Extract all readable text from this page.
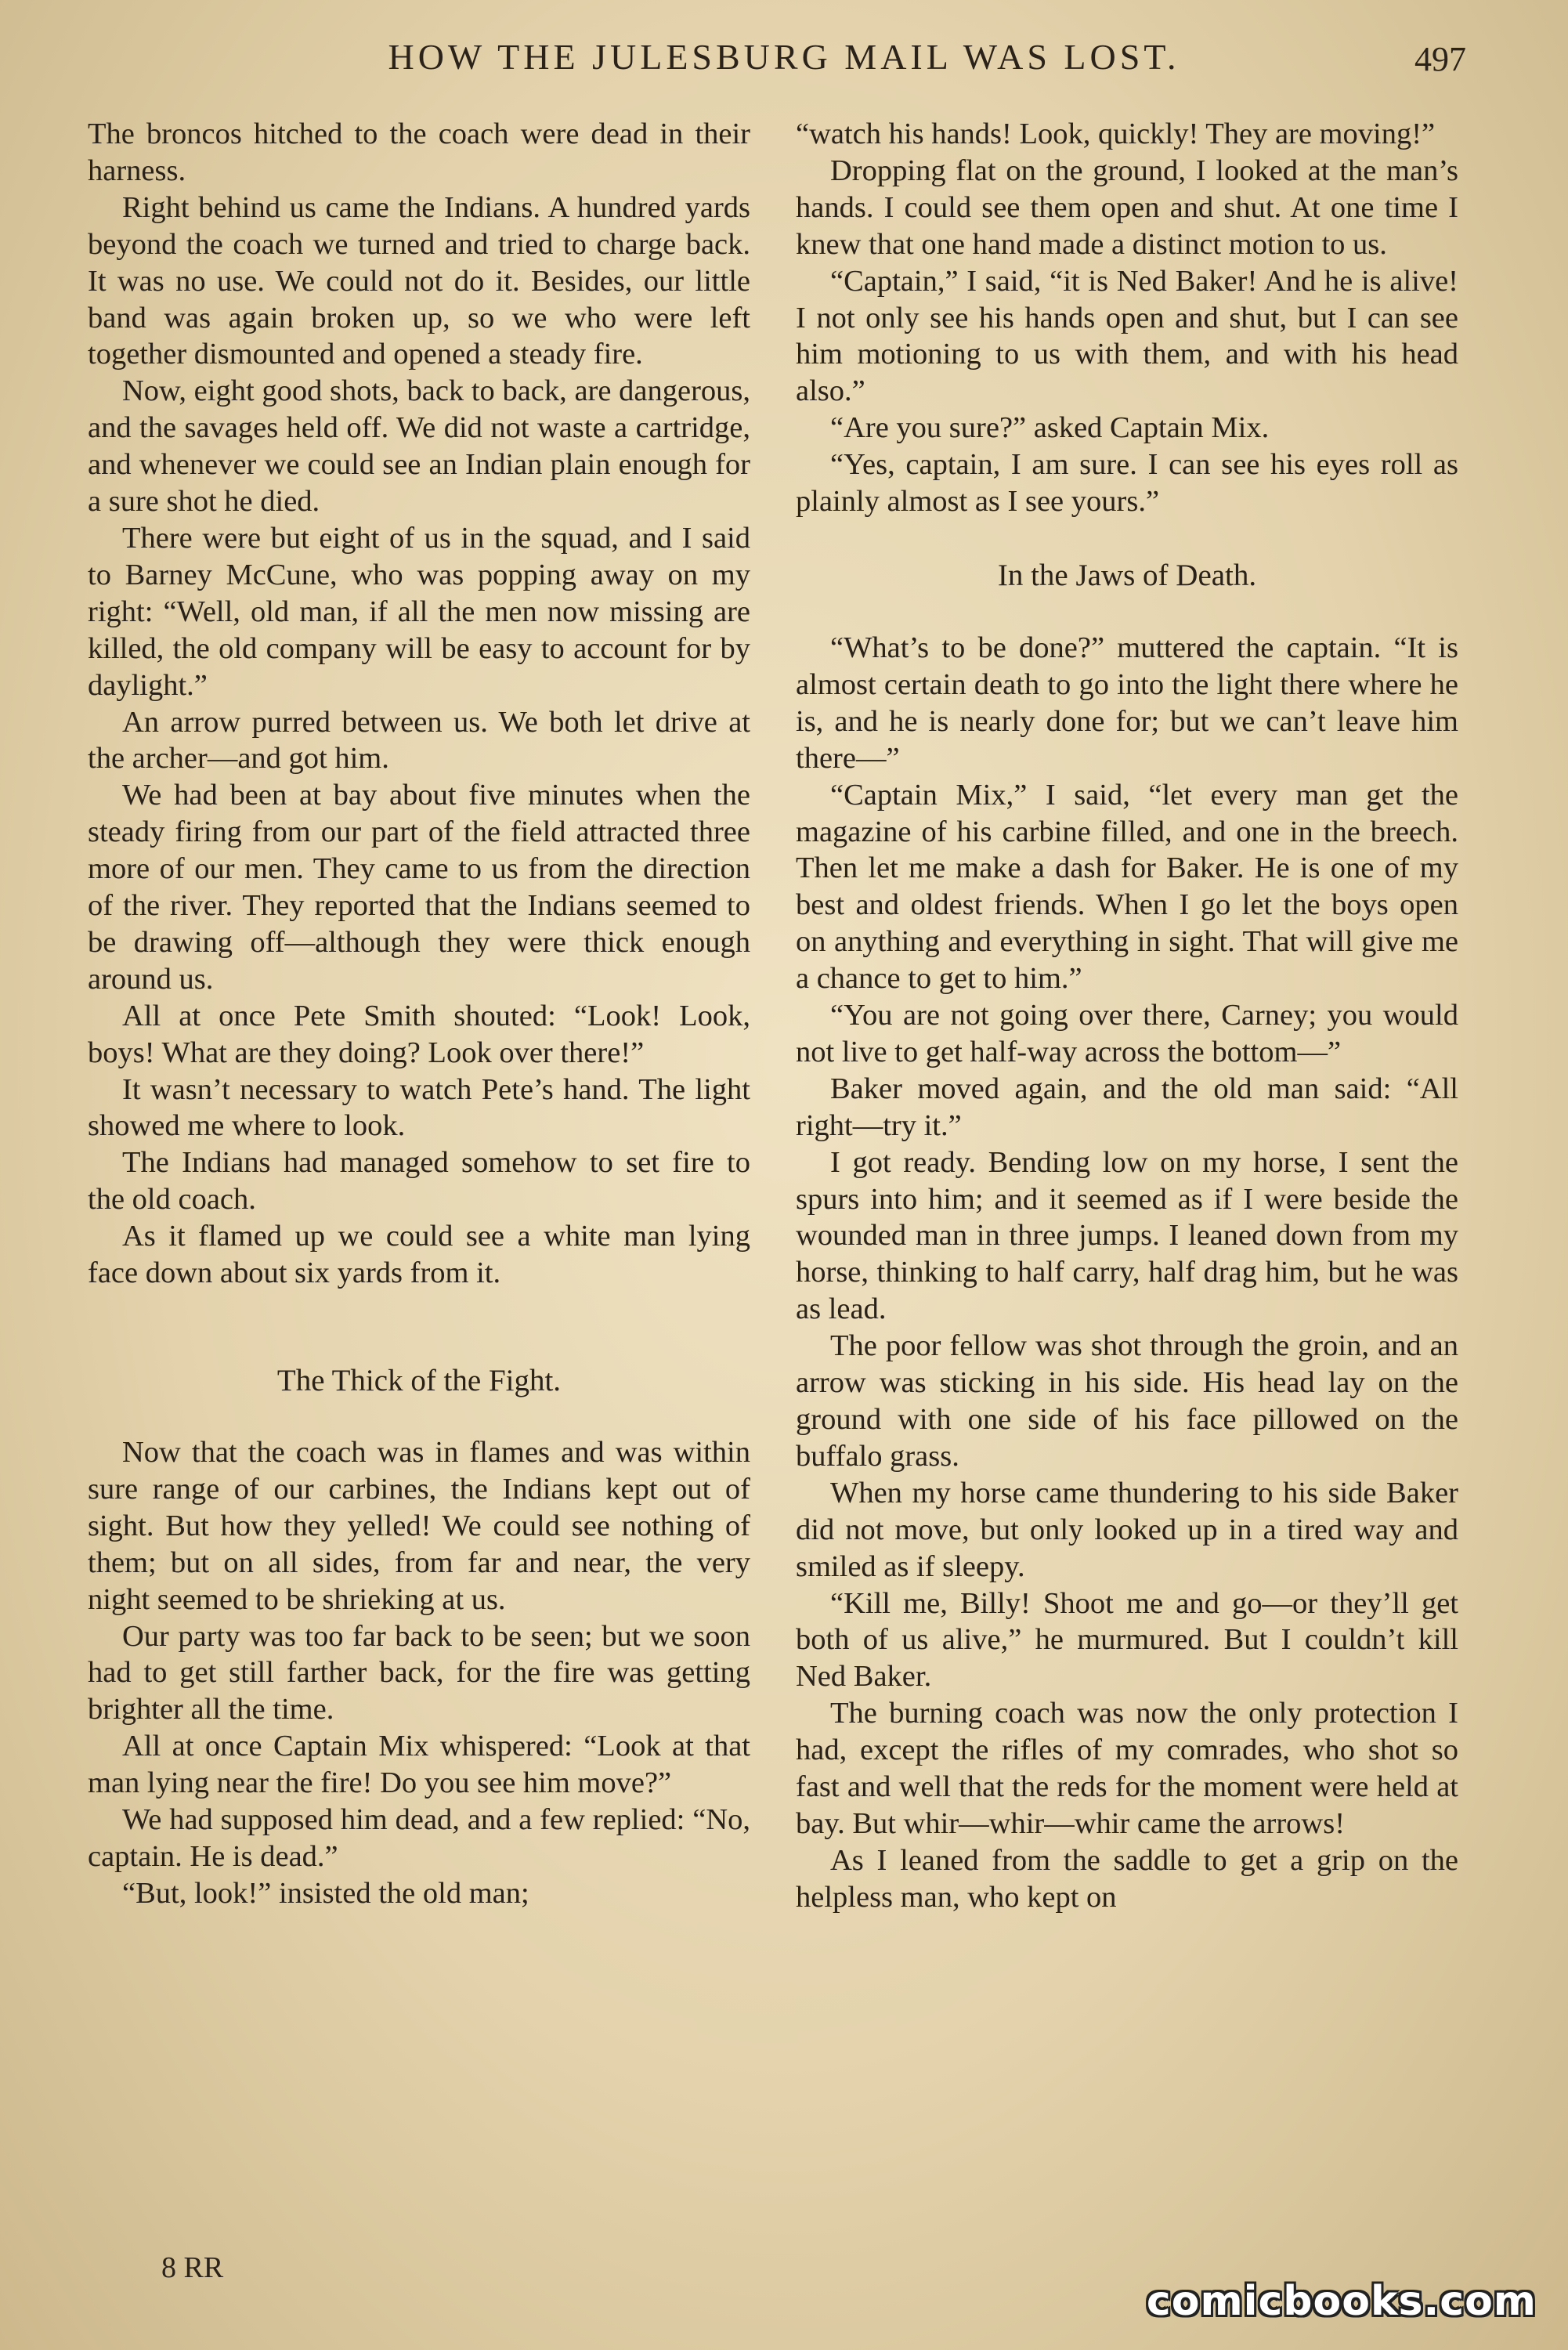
HOW THE JULESBURG MAIL WAS LOST.	497

The broncos hitched to the coach were dead in their harness.

Right behind us came the Indians. A hundred yards beyond the coach we turned and tried to charge back. It was no use. We could not do it. Besides, our little band was again broken up, so we who were left together dismounted and opened a steady fire.

Now, eight good shots, back to back, are dangerous, and the savages held off. We did not waste a cartridge, and whenever we could see an Indian plain enough for a sure shot he died.

There were but eight of us in the squad, and I said to Barney McCune, who was popping away on my right: “Well, old man, if all the men now missing are killed, the old company will be easy to account for by daylight.”

An arrow purred between us. We both let drive at the archer—and got him.

We had been at bay about five minutes when the steady firing from our part of the field attracted three more of our men. They came to us from the direction of the river. They reported that the Indians seemed to be drawing off—although they were thick enough around us.

All at once Pete Smith shouted: “Look! Look, boys! What are they doing? Look over there!”

It wasn’t necessary to watch Pete’s hand. The light showed me where to look.

The Indians had managed somehow to set fire to the old coach.

As it flamed up we could see a white man lying face down about six yards from it.

The Thick of the Fight.

Now that the coach was in flames and was within sure range of our carbines, the Indians kept out of sight. But how they yelled! We could see nothing of them; but on all sides, from far and near, the very night seemed to be shrieking at us.

Our party was too far back to be seen; but we soon had to get still farther back, for the fire was getting brighter all the time.

All at once Captain Mix whispered: “Look at that man lying near the fire! Do you see him move?”

We had supposed him dead, and a few replied: “No, captain. He is dead.”

“But, look!” insisted the old man;

“watch his hands! Look, quickly! They are moving!”

Dropping flat on the ground, I looked at the man’s hands. I could see them open and shut. At one time I knew that one hand made a distinct motion to us.

“Captain,” I said, “it is Ned Baker! And he is alive! I not only see his hands open and shut, but I can see him motioning to us with them, and with his head also.”

“Are you sure?” asked Captain Mix.

“Yes, captain, I am sure. I can see his eyes roll as plainly almost as I see yours.”

In the Jaws of Death.

“What’s to be done?” muttered the captain. “It is almost certain death to go into the light there where he is, and he is nearly done for; but we can’t leave him there—”

“Captain Mix,” I said, “let every man get the magazine of his carbine filled, and one in the breech. Then let me make a dash for Baker. He is one of my best and oldest friends. When I go let the boys open on anything and everything in sight. That will give me a chance to get to him.”

“You are not going over there, Carney; you would not live to get half-way across the bottom—”

Baker moved again, and the old man said: “All right—try it.”

I got ready. Bending low on my horse, I sent the spurs into him; and it seemed as if I were beside the wounded man in three jumps. I leaned down from my horse, thinking to half carry, half drag him, but he was as lead.

The poor fellow was shot through the groin, and an arrow was sticking in his side. His head lay on the ground with one side of his face pillowed on the buffalo grass.

When my horse came thundering to his side Baker did not move, but only looked up in a tired way and smiled as if sleepy.

“Kill me, Billy! Shoot me and go—or they’ll get both of us alive,” he murmured. But I couldn’t kill Ned Baker.

The burning coach was now the only protection I had, except the rifles of my comrades, who shot so fast and well that the reds for the moment were held at bay. But whir—whir—whir came the arrows!

As I leaned from the saddle to get a grip on the helpless man, who kept on

8 RR
comicbooks.com
